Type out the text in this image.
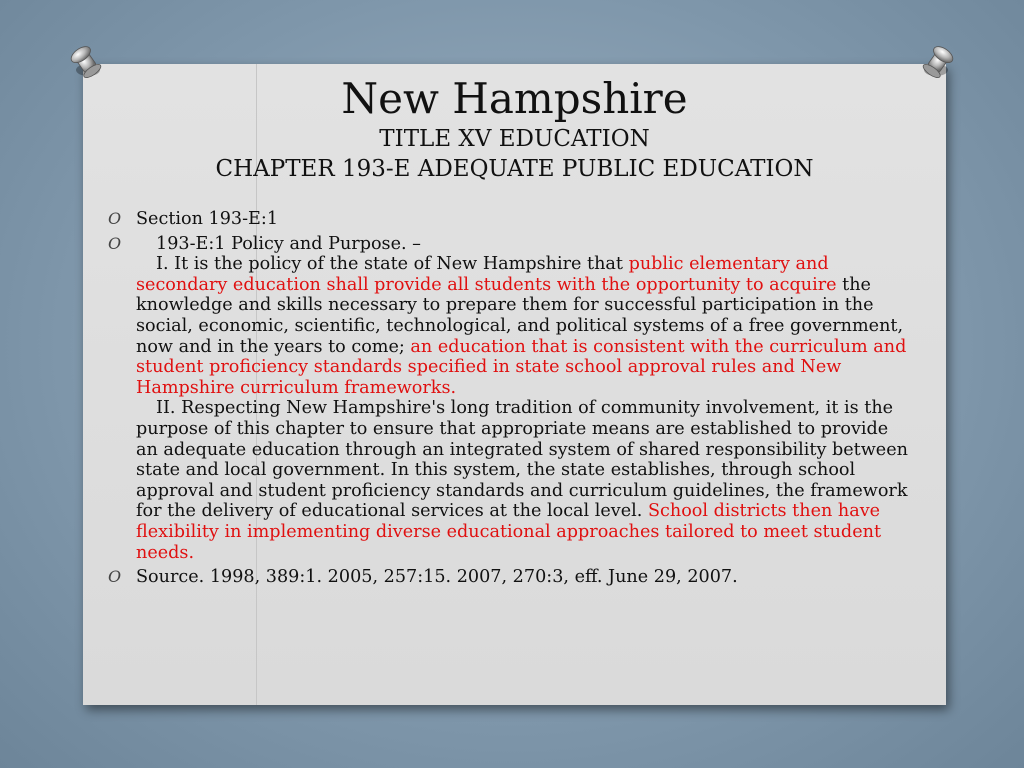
New Hampshire

TITLE XV EDUCATION

CHAPTER 193-E ADEQUATE PUBLIC EDUCATION

O Section 193-E:1
O 193-E:1 Policy and Purpose. –
I. It is the policy of the state of New Hampshire that public elementary and secondary education shall provide all students with the opportunity to acquire the knowledge and skills necessary to prepare them for successful participation in the social, economic, scientific, technological, and political systems of a free government, now and in the years to come; an education that is consistent with the curriculum and student proficiency standards specified in state school approval rules and New Hampshire curriculum frameworks.
II. Respecting New Hampshire's long tradition of community involvement, it is the purpose of this chapter to ensure that appropriate means are established to provide an adequate education through an integrated system of shared responsibility between state and local government. In this system, the state establishes, through school approval and student proficiency standards and curriculum guidelines, the framework for the delivery of educational services at the local level. School districts then have flexibility in implementing diverse educational approaches tailored to meet student needs.
O Source. 1998, 389:1. 2005, 257:15. 2007, 270:3, eff. June 29, 2007.
